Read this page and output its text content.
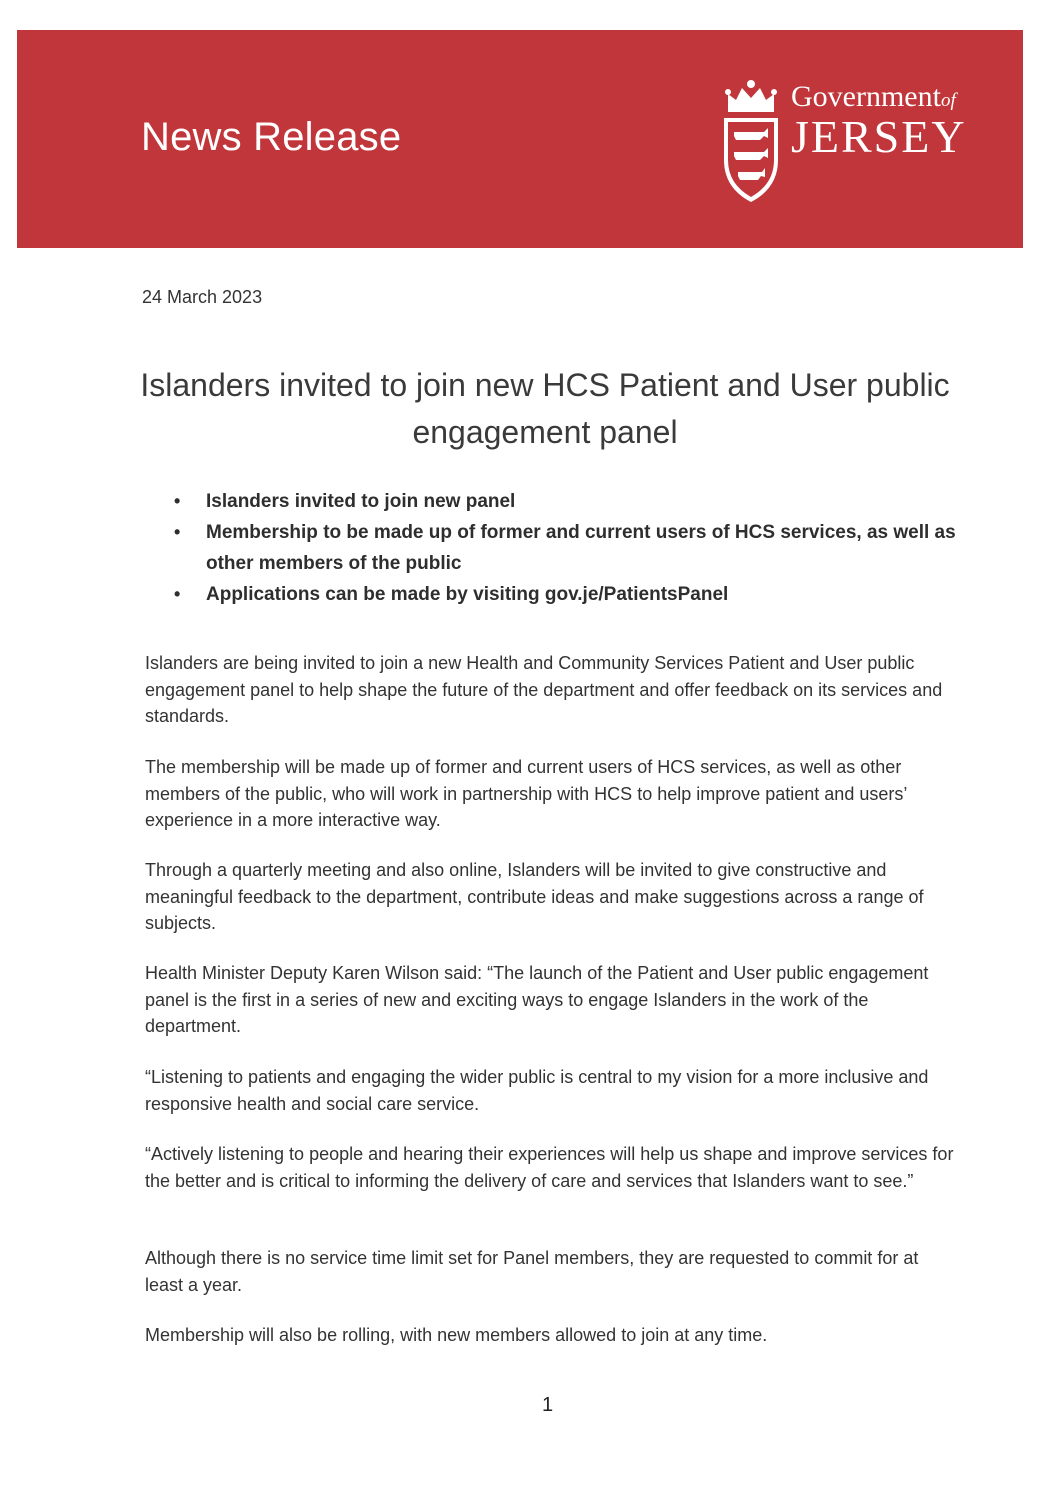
News Release
Governmentof
JERSEY
24 March 2023
Islanders invited to join new HCS Patient and User public engagement panel
• Islanders invited to join new panel
• Membership to be made up of former and current users of HCS services, as well as other members of the public
• Applications can be made by visiting gov.je/PatientsPanel

Islanders are being invited to join a new Health and Community Services Patient and User public engagement panel to help shape the future of the department and offer feedback on its services and standards.

The membership will be made up of former and current users of HCS services, as well as other members of the public, who will work in partnership with HCS to help improve patient and users’ experience in a more interactive way.

Through a quarterly meeting and also online, Islanders will be invited to give constructive and meaningful feedback to the department, contribute ideas and make suggestions across a range of subjects.

Health Minister Deputy Karen Wilson said: “The launch of the Patient and User public engagement panel is the first in a series of new and exciting ways to engage Islanders in the work of the department.

“Listening to patients and engaging the wider public is central to my vision for a more inclusive and responsive health and social care service.

“Actively listening to people and hearing their experiences will help us shape and improve services for the better and is critical to informing the delivery of care and services that Islanders want to see.”

Although there is no service time limit set for Panel members, they are requested to commit for at least a year.

Membership will also be rolling, with new members allowed to join at any time.

1
